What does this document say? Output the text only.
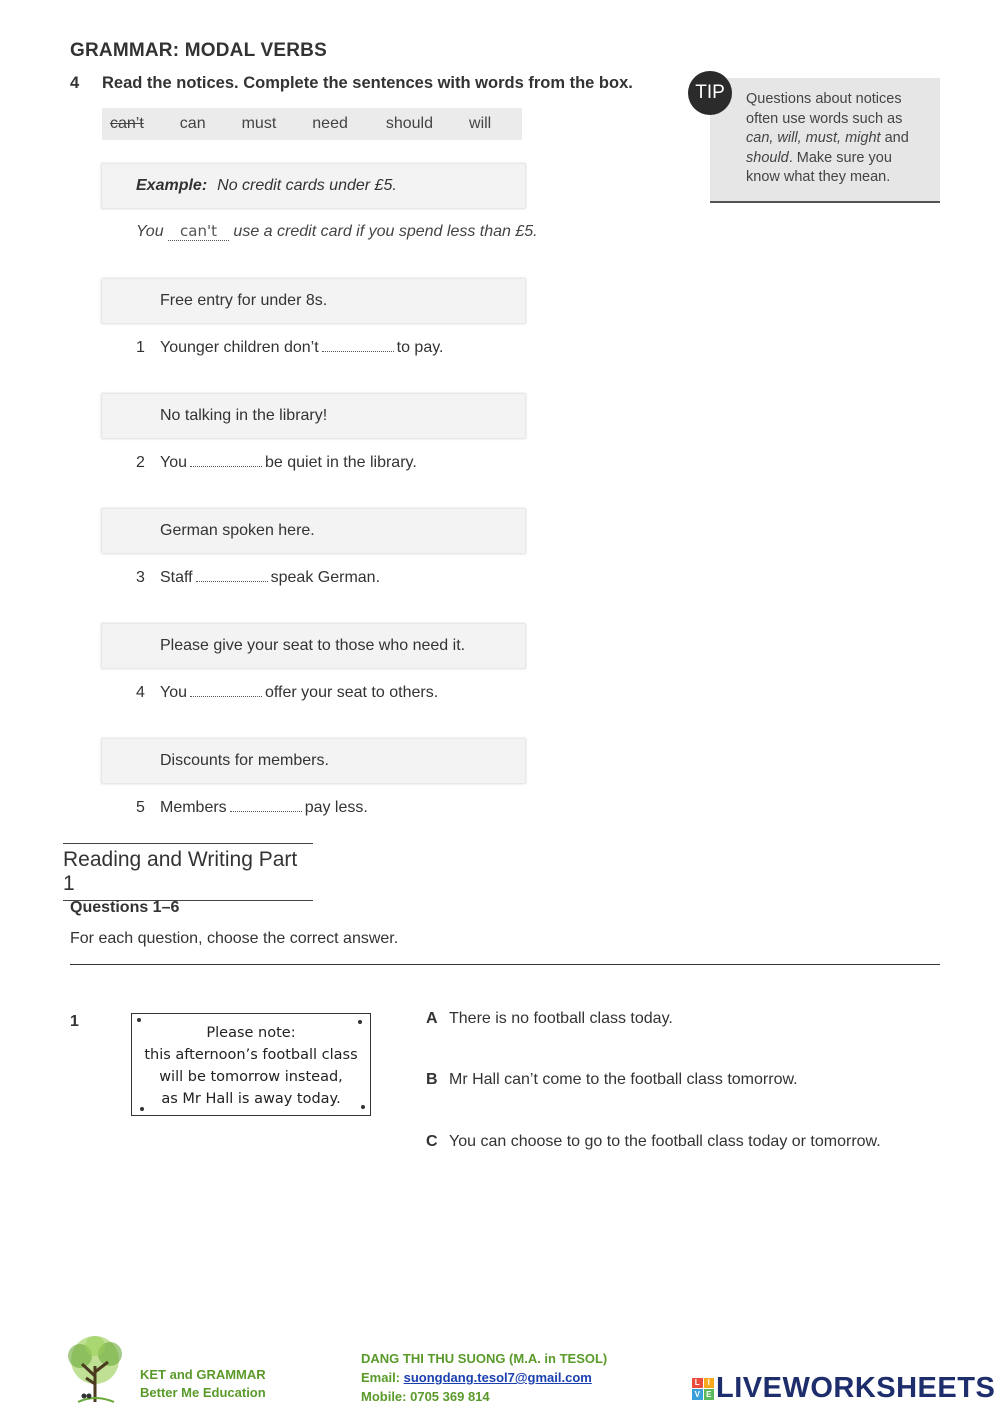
GRAMMAR: MODAL VERBS
4 Read the notices. Complete the sentences with words from the box.
can’t can must need should will
Example: No credit cards under £5.
You can't use a credit card if you spend less than £5.
Free entry for under 8s.
1 Younger children don’t	to pay.
No talking in the library!
2 You	be quiet in the library.
German spoken here.
3 Staff	speak German.
Please give your seat to those who need it.
4 You	offer your seat to others.
Discounts for members.
5 Members	pay less.
TIP	Questions about notices
often use words such as
can, will, must, might and
should. Make sure you
know what they mean.
Reading and Writing Part 1
Questions 1–6
For each question, choose the correct answer.
1
Please note:
this afternoon’s football class
will be tomorrow instead,
as Mr Hall is away today.
A There is no football class today.
B Mr Hall can’t come to the football class tomorrow.
C You can choose to go to the football class today or tomorrow.
KET and GRAMMAR
Better Me Education
DANG THI THU SUONG (M.A. in TESOL)
Email: suongdang.tesol7@gmail.com
Mobile: 0705 369 814
L I
V E LIVEWORKSHEETS
